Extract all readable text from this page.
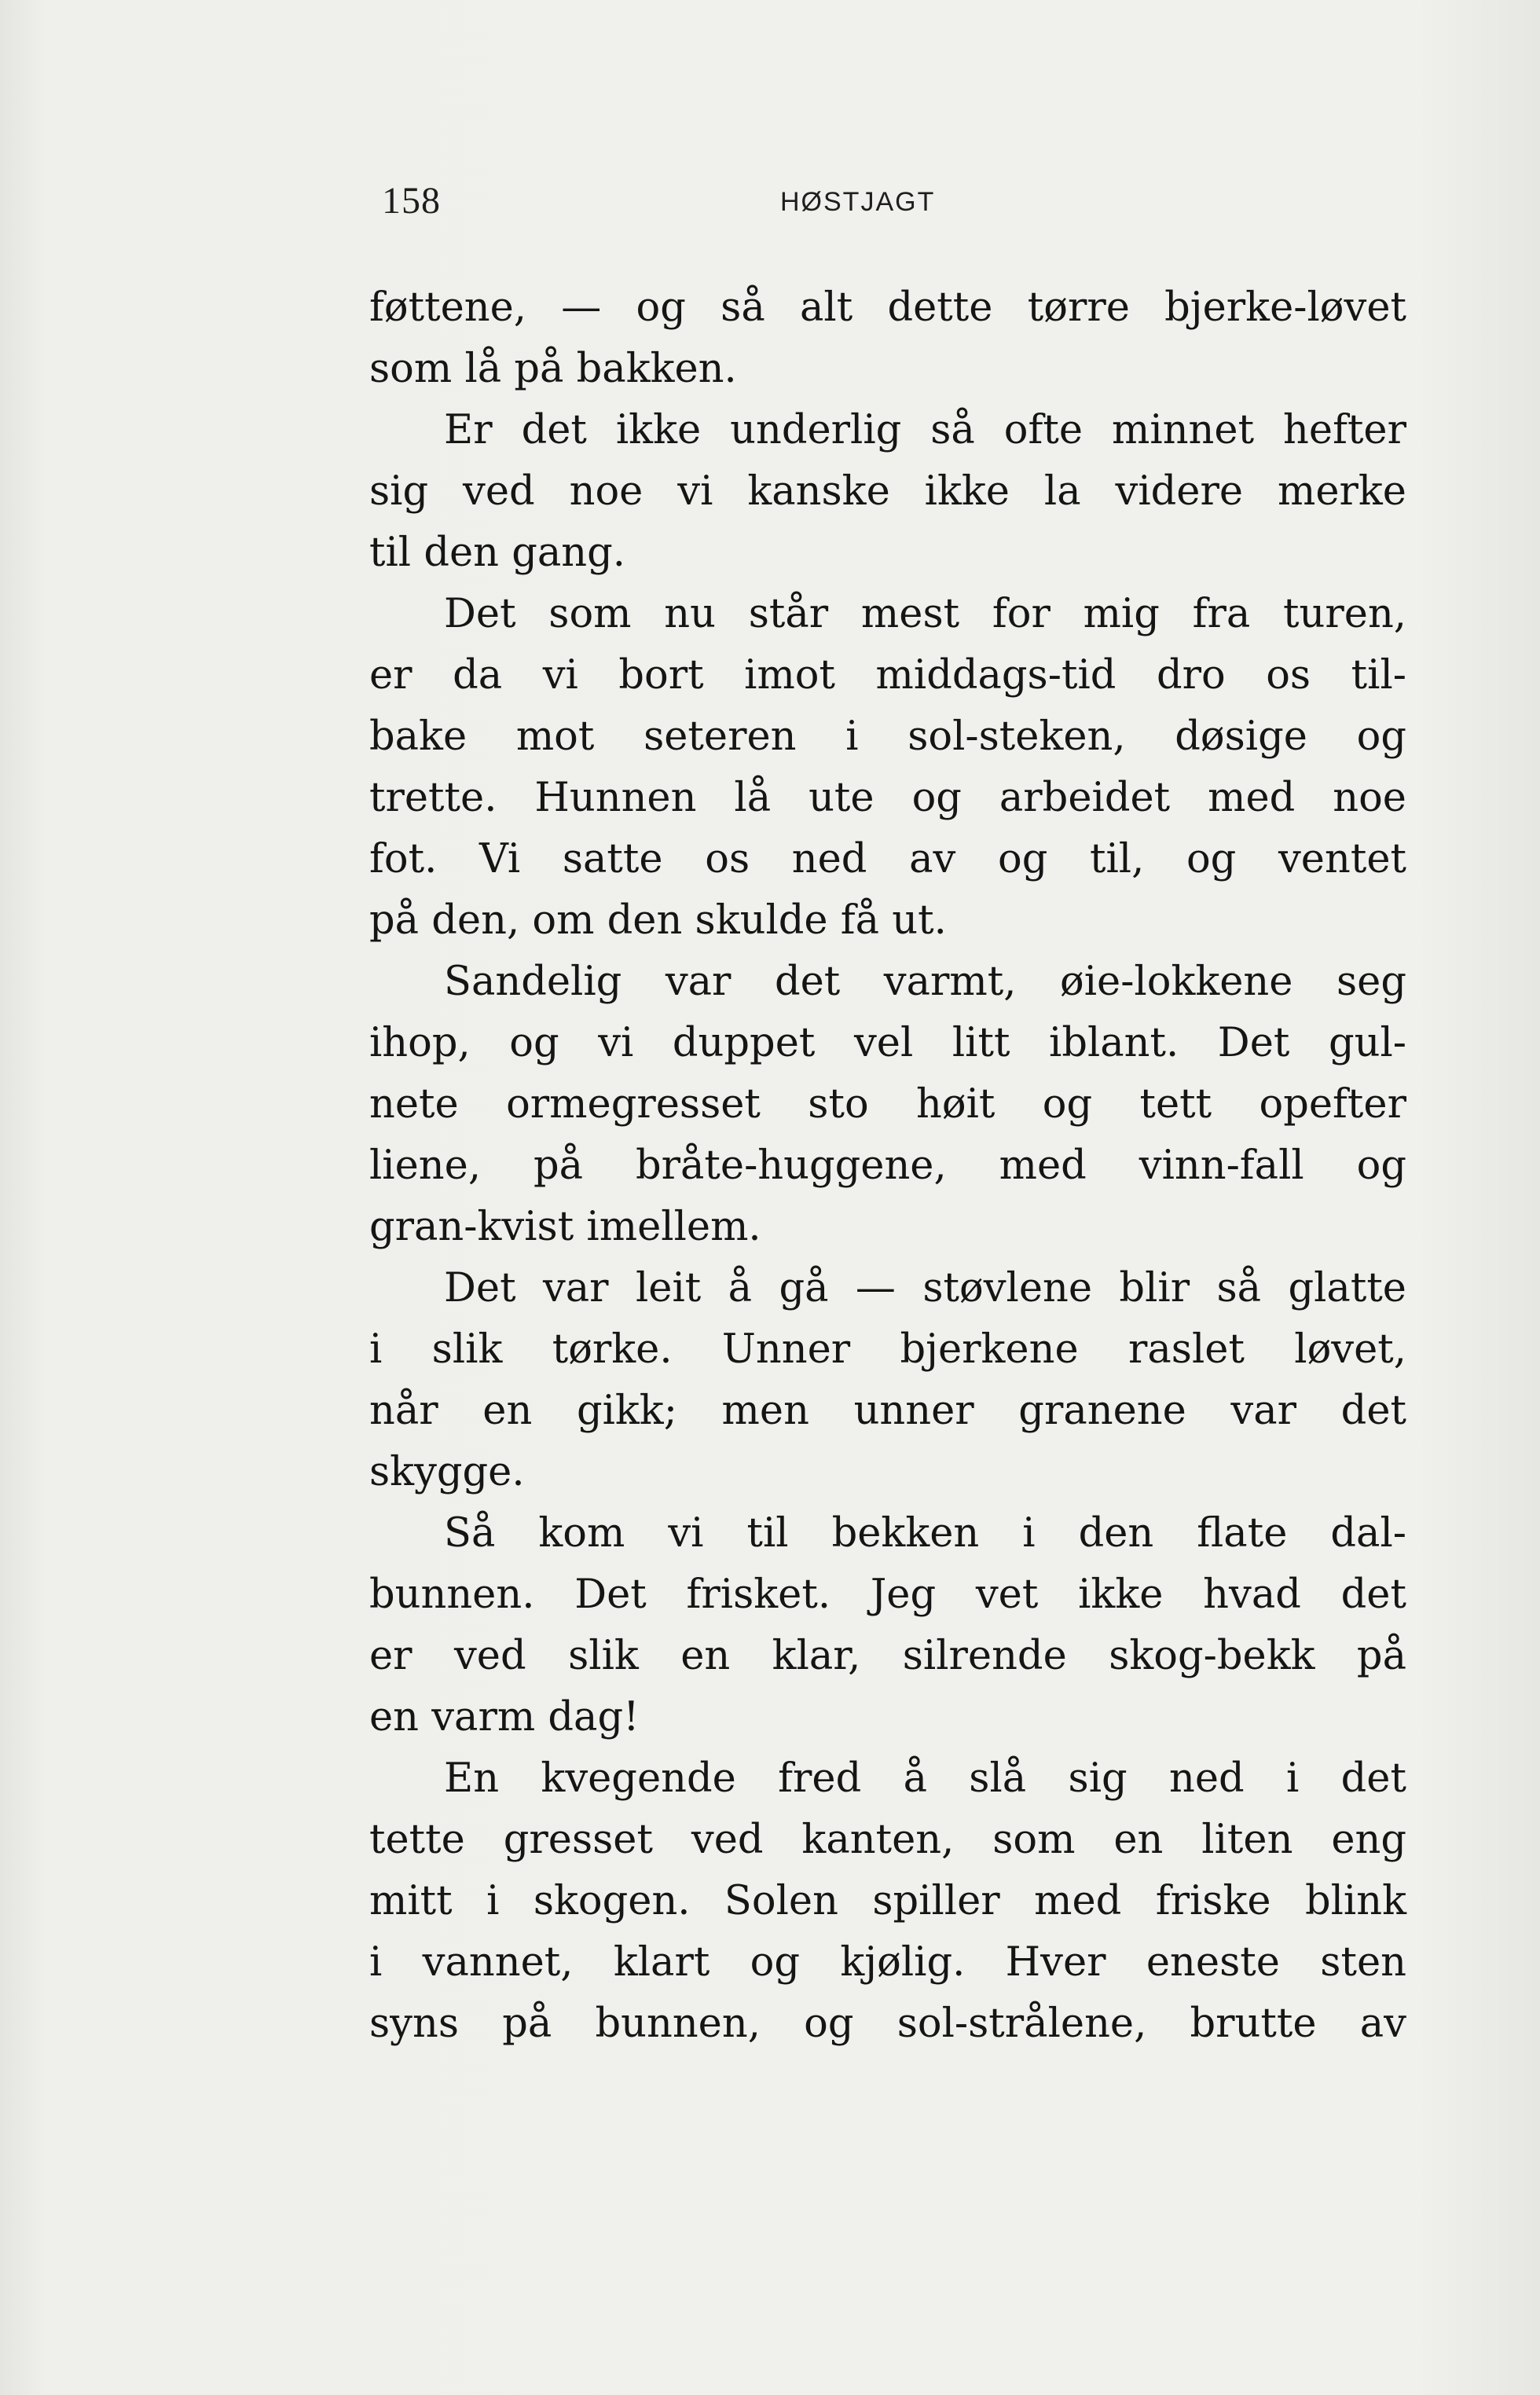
158	HØSTJAGT
føttene, — og så alt dette tørre bjerke-løvet
som lå på bakken.
Er det ikke underlig så ofte minnet hefter
sig ved noe vi kanske ikke la videre merke
til den gang.
Det som nu står mest for mig fra turen,
er da vi bort imot middags-tid dro os til-
bake mot seteren i sol-steken, døsige og
trette. Hunnen lå ute og arbeidet med noe
fot. Vi satte os ned av og til, og ventet
på den, om den skulde få ut.
Sandelig var det varmt, øie-lokkene seg
ihop, og vi duppet vel litt iblant. Det gul-
nete ormegresset sto høit og tett opefter
liene, på bråte-huggene, med vinn-fall og
gran-kvist imellem.
Det var leit å gå — støvlene blir så glatte
i slik tørke. Unner bjerkene raslet løvet,
når en gikk; men unner granene var det
skygge.
Så kom vi til bekken i den flate dal-
bunnen. Det frisket. Jeg vet ikke hvad det
er ved slik en klar, silrende skog-bekk på
en varm dag!
En kvegende fred å slå sig ned i det
tette gresset ved kanten, som en liten eng
mitt i skogen. Solen spiller med friske blink
i vannet, klart og kjølig. Hver eneste sten
syns på bunnen, og sol-strålene, brutte av
